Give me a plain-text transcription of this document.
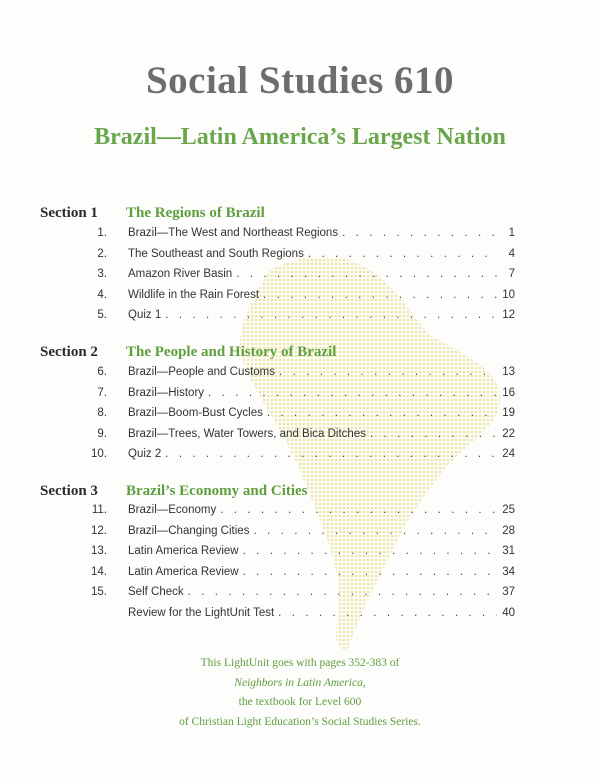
Social Studies 610
Brazil—Latin America’s Largest Nation
Section 1 The Regions of Brazil
1. Brazil—The West and Northeast Regions . . .	1
2. The Southeast and South Regions . . .	4
3. Amazon River Basin . . .	7
4. Wildlife in the Rain Forest . . .	10
5. Quiz 1 . . .	12
Section 2 The People and History of Brazil
6. Brazil—People and Customs . . .	13
7. Brazil—History . . .	16
8. Brazil—Boom-Bust Cycles . . .	19
9. Brazil—Trees, Water Towers, and Bica Ditches . . .	22
10. Quiz 2 . . .	24
Section 3 Brazil’s Economy and Cities
11. Brazil—Economy . . .	25
12. Brazil—Changing Cities . . .	28
13. Latin America Review . . .	31
14. Latin America Review . . .	34
15. Self Check . . .	37
Review for the LightUnit Test . . .	40
This LightUnit goes with pages 352-383 of
Neighbors in Latin America,
the textbook for Level 600
of Christian Light Education’s Social Studies Series.
